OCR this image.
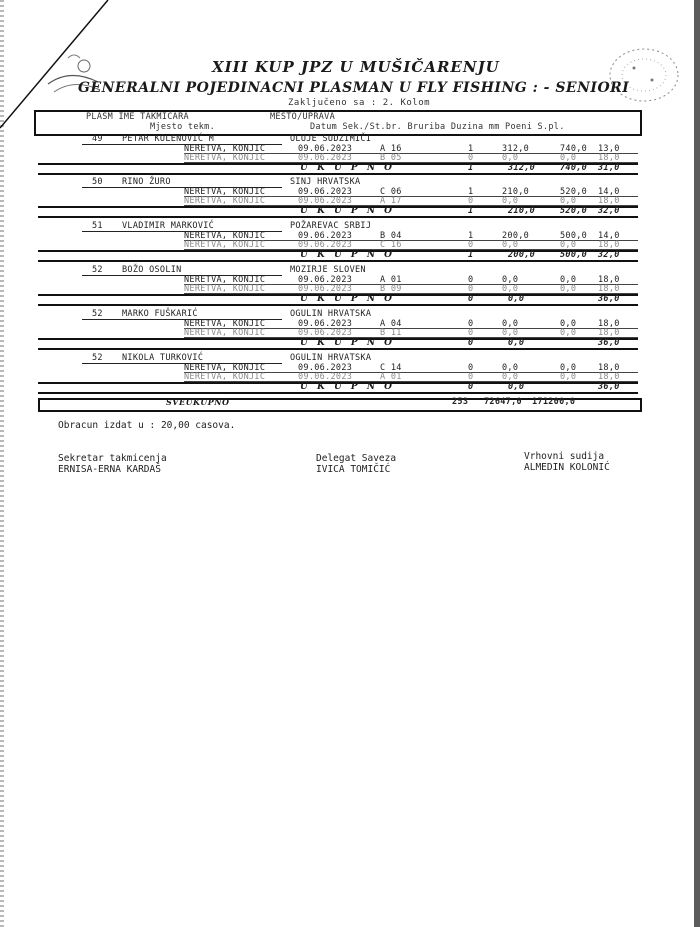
XIII KUP JPZ U MUŠIČARENJU
GENERALNI POJEDINACNI PLASMAN U FLY FISHING : - SENIORI
Zaključeno sa : 2. Kolom
PLASM IME TAKMIČARA	MESTO/UPRAVA
Mjesto tekm.	Datum Sek./St.br. Bruriba Duzina mm Poeni S.pl.
49 PETAR KULENOVIĆ M	OLUJE SUDZIMIČI
NERETVA, KONJIC	09.06.2023	A 16	1	312,0	740,0 13,0
NERETVA, KONJIC	09.06.2023	B 05	0	0,0	0,0	18,0
U K U P N O	1	312,0	740,0 31,0
50 RINO ŽURO	SINJ HRVATSKA
NERETVA, KONJIC	09.06.2023	C 06	1	210,0	520,0 14,0
NERETVA, KONJIC	09.06.2023	A 17	0	0,0	0,0	18,0
U K U P N O	1	210,0	520,0 32,0
51 VLADIMIR MARKOVIĆ	POŽAREVAC SRBIJ
NERETVA, KONJIC	09.06.2023	B 04	1	200,0	500,0 14,0
NERETVA, KONJIC	09.06.2023	C 16	0	0,0	0,0	18,0
U K U P N O	1	200,0	500,0 32,0
52 BOŽO OSOLIN	MOZIRJE SLOVEN
NERETVA, KONJIC	09.06.2023	A 01	0	0,0	0,0	18,0
NERETVA, KONJIC	09.06.2023	B 09	0	0,0	0,0	18,0
U K U P N O	0	0,0	36,0
52 MARKO FUŠKARIĆ	OGULIN HRVATSKA
NERETVA, KONJIC	09.06.2023	A 04	0	0,0	0,0	18,0
NERETVA, KONJIC	09.06.2023	B 11	0	0,0	0,0	18,0
U K U P N O	0	0,0	36,0
52 NIKOLA TURKOVIĆ	OGULIN HRVATSKA
NERETVA, KONJIC	09.06.2023	C 14	0	0,0	0,0	18,0
NERETVA, KONJIC	09.06.2023	A 01	0	0,0	0,0	18,0
U K U P N O	0	0,0	36,0
SVEUKUPNO	253 72647,0 171200,0
Obracun izdat u : 20,00 casova.
Sekretar takmicenja
ERNISA-ERNA KARDAŠ
Delegat Saveza
IVICA TOMIČIĆ
Vrhovni sudija
ALMEDIN KOLONIĆ
